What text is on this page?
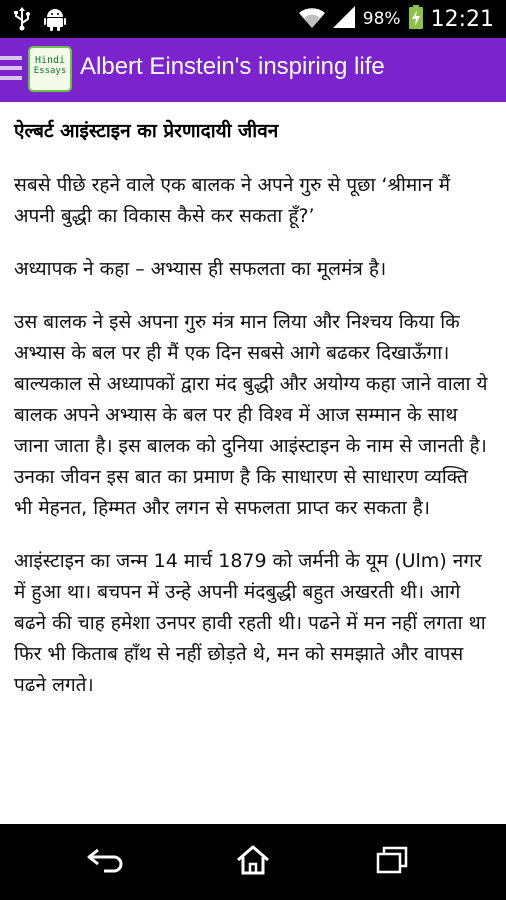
98% 12:21
Hindi
Essays Albert Einstein's inspiring life
ऐल्बर्ट आइंस्टाइन का प्रेरणादायी जीवन

सबसे पीछे रहने वाले एक बालक ने अपने गुरु से पूछा ‘श्रीमान मैं अपनी बुद्धी का विकास कैसे कर सकता हूँ?’

अध्यापक ने कहा – अभ्यास ही सफलता का मूलमंत्र है।

उस बालक ने इसे अपना गुरु मंत्र मान लिया और निश्चय किया कि अभ्यास के बल पर ही मैं एक दिन सबसे आगे बढकर दिखाऊँगा। बाल्यकाल से अध्यापकों द्वारा मंद बुद्धी और अयोग्य कहा जाने वाला ये बालक अपने अभ्यास के बल पर ही विश्व में आज सम्मान के साथ जाना जाता है। इस बालक को दुनिया आइंस्टाइन के नाम से जानती है। उनका जीवन इस बात का प्रमाण है कि साधारण से साधारण व्यक्ति भी मेहनत, हिम्मत और लगन से सफलता प्राप्त कर सकता है।

आइंस्टाइन का जन्म 14 मार्च 1879 को जर्मनी के यूम (Ulm) नगर में हुआ था। बचपन में उन्हे अपनी मंदबुद्धी बहुत अखरती थी। आगे बढने की चाह हमेशा उनपर हावी रहती थी। पढने में मन नहीं लगता था फिर भी किताब हाँथ से नहीं छोड़ते थे, मन को समझाते और वापस पढने लगते।
